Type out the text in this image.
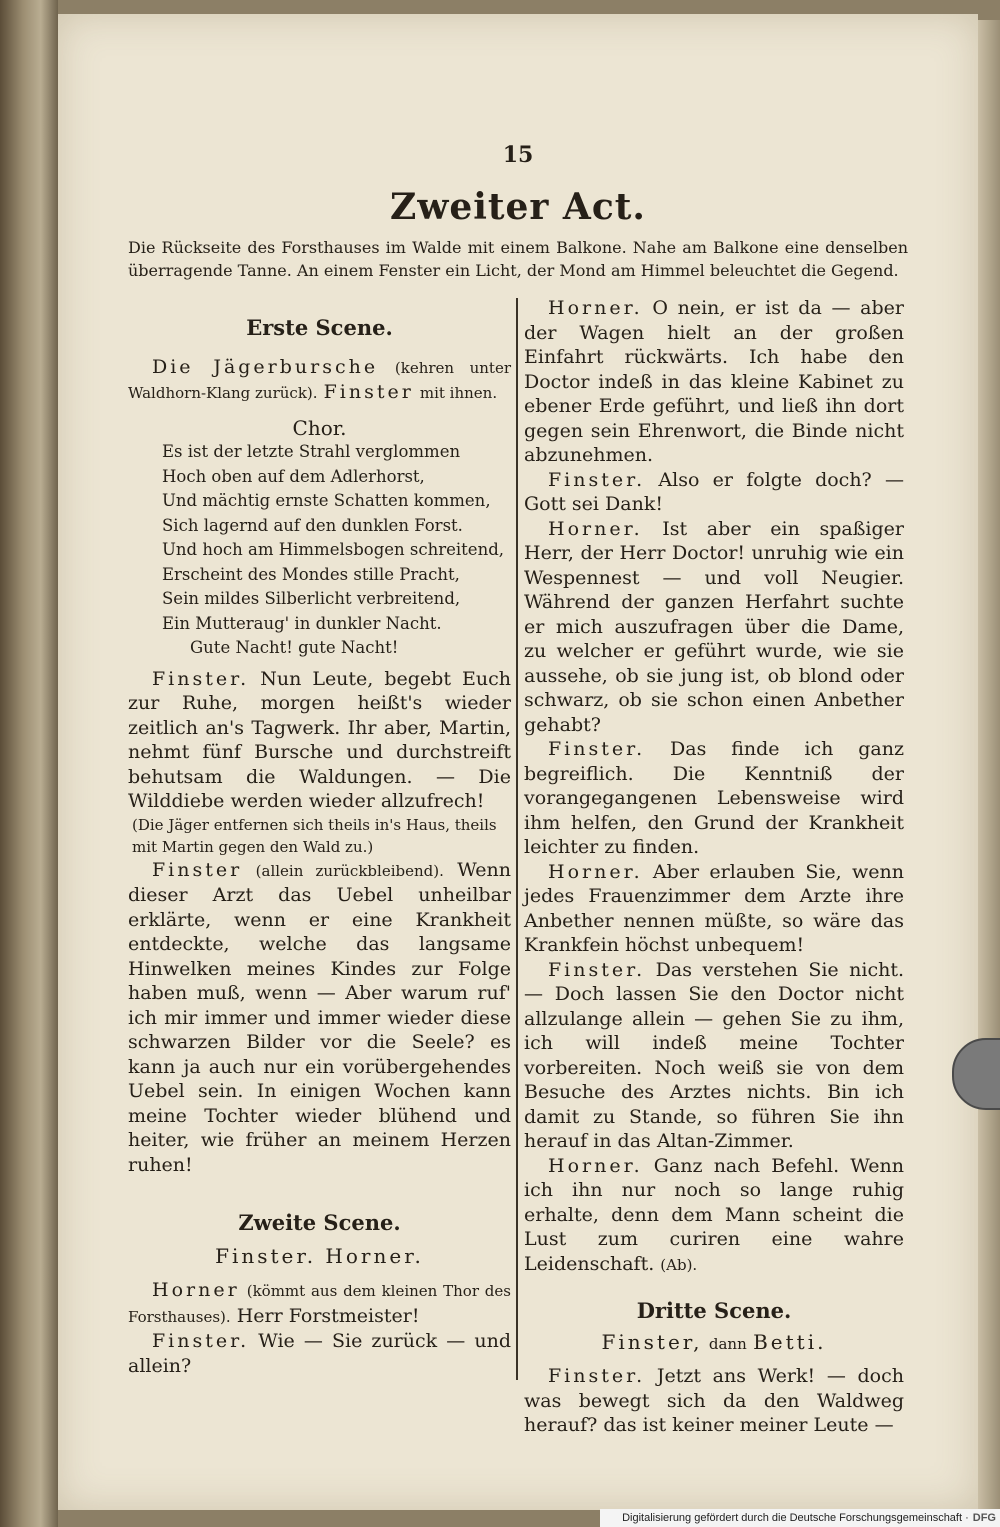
15
Zweiter Act.
Die Rückseite des Forsthauses im Walde mit einem Balkone. Nahe am Balkone eine denselben überragende Tanne. An einem Fenster ein Licht, der Mond am Himmel beleuchtet die Gegend.
Erste Scene.

Die Jägerbursche (kehren unter Waldhorn-Klang zurück). Finster mit ihnen.

Chor.
Es ist der letzte Strahl verglommen
Hoch oben auf dem Adlerhorst,
Und mächtig ernste Schatten kommen,
Sich lagernd auf den dunklen Forst.
Und hoch am Himmelsbogen schreitend,
Erscheint des Mondes stille Pracht,
Sein mildes Silberlicht verbreitend,
Ein Mutteraug' in dunkler Nacht.
Gute Nacht! gute Nacht!

Finster. Nun Leute, begebt Euch zur Ruhe, morgen heißt's wieder zeitlich an's Tagwerk. Ihr aber, Martin, nehmt fünf Bursche und durchstreift behutsam die Waldungen. — Die Wilddiebe werden wieder allzufrech!

(Die Jäger entfernen sich theils in's Haus, theils mit Martin gegen den Wald zu.)

Finster (allein zurückbleibend). Wenn dieser Arzt das Uebel unheilbar erklärte, wenn er eine Krankheit entdeckte, welche das langsame Hinwelken meines Kindes zur Folge haben muß, wenn — Aber warum ruf' ich mir immer und immer wieder diese schwarzen Bilder vor die Seele? es kann ja auch nur ein vorübergehendes Uebel sein. In einigen Wochen kann meine Tochter wieder blühend und heiter, wie früher an meinem Herzen ruhen!

Zweite Scene.
Finster. Horner.

Horner (kömmt aus dem kleinen Thor des Forsthauses). Herr Forstmeister!

Finster. Wie — Sie zurück — und allein?

Horner. O nein, er ist da — aber der Wagen hielt an der großen Einfahrt rückwärts. Ich habe den Doctor indeß in das kleine Kabinet zu ebener Erde geführt, und ließ ihn dort gegen sein Ehrenwort, die Binde nicht abzunehmen.

Finster. Also er folgte doch? — Gott sei Dank!

Horner. Ist aber ein spaßiger Herr, der Herr Doctor! unruhig wie ein Wespennest — und voll Neugier. Während der ganzen Herfahrt suchte er mich auszufragen über die Dame, zu welcher er geführt wurde, wie sie aussehe, ob sie jung ist, ob blond oder schwarz, ob sie schon einen Anbether gehabt?

Finster. Das finde ich ganz begreiflich. Die Kenntniß der vorangegangenen Lebensweise wird ihm helfen, den Grund der Krankheit leichter zu finden.

Horner. Aber erlauben Sie, wenn jedes Frauenzimmer dem Arzte ihre Anbether nennen müßte, so wäre das Krankfein höchst unbequem!

Finster. Das verstehen Sie nicht. — Doch lassen Sie den Doctor nicht allzulange allein — gehen Sie zu ihm, ich will indeß meine Tochter vorbereiten. Noch weiß sie von dem Besuche des Arztes nichts. Bin ich damit zu Stande, so führen Sie ihn herauf in das Altan-Zimmer.

Horner. Ganz nach Befehl. Wenn ich ihn nur noch so lange ruhig erhalte, denn dem Mann scheint die Lust zum curiren eine wahre Leidenschaft. (Ab).

Dritte Scene.
Finster, dann Betti.

Finster. Jetzt ans Werk! — doch was bewegt sich da den Waldweg herauf? das ist keiner meiner Leute —

Digitalisierung gefördert durch die Deutsche Forschungsgemeinschaft · DFG
